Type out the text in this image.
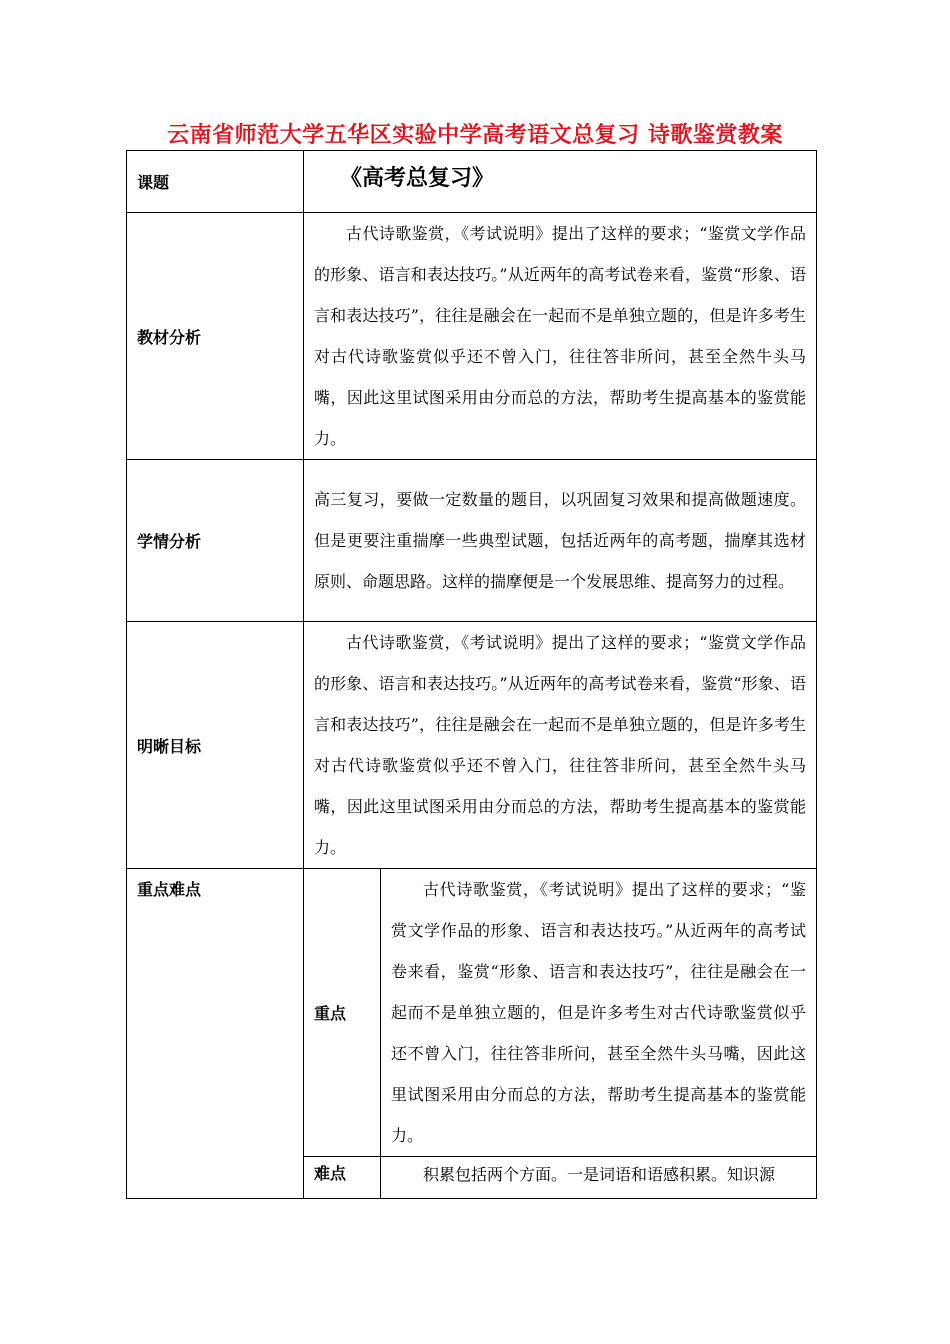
云南省师范大学五华区实验中学高考语文总复习 诗歌鉴赏教案
课题	《高考总复习》	
教材分析	古代诗歌鉴赏，《考试说明》提出了这样的要求；“鉴赏文学作品的形象、语言和表达技巧。”从近两年的高考试卷来看，鉴赏“形象、语言和表达技巧”，往往是融会在一起而不是单独立题的，但是许多考生对古代诗歌鉴赏似乎还不曾入门，往往答非所问，甚至全然牛头马嘴，因此这里试图采用由分而总的方法，帮助考生提高基本的鉴赏能力。	
学情分析	高三复习，要做一定数量的题目，以巩固复习效果和提高做题速度。但是更要注重揣摩一些典型试题，包括近两年的高考题，揣摩其选材原则、命题思路。这样的揣摩便是一个发展思维、提高努力的过程。	
明晰目标	古代诗歌鉴赏，《考试说明》提出了这样的要求；“鉴赏文学作品的形象、语言和表达技巧。”从近两年的高考试卷来看，鉴赏“形象、语言和表达技巧”，往往是融会在一起而不是单独立题的，但是许多考生对古代诗歌鉴赏似乎还不曾入门，往往答非所问，甚至全然牛头马嘴，因此这里试图采用由分而总的方法，帮助考生提高基本的鉴赏能力。	
重点难点	重点	古代诗歌鉴赏，《考试说明》提出了这样的要求；“鉴赏文学作品的形象、语言和表达技巧。”从近两年的高考试卷来看，鉴赏“形象、语言和表达技巧”，往往是融会在一起而不是单独立题的，但是许多考生对古代诗歌鉴赏似乎还不曾入门，往往答非所问，甚至全然牛头马嘴，因此这里试图采用由分而总的方法，帮助考生提高基本的鉴赏能力。
	难点	积累包括两个方面。一是词语和语感积累。知识源
